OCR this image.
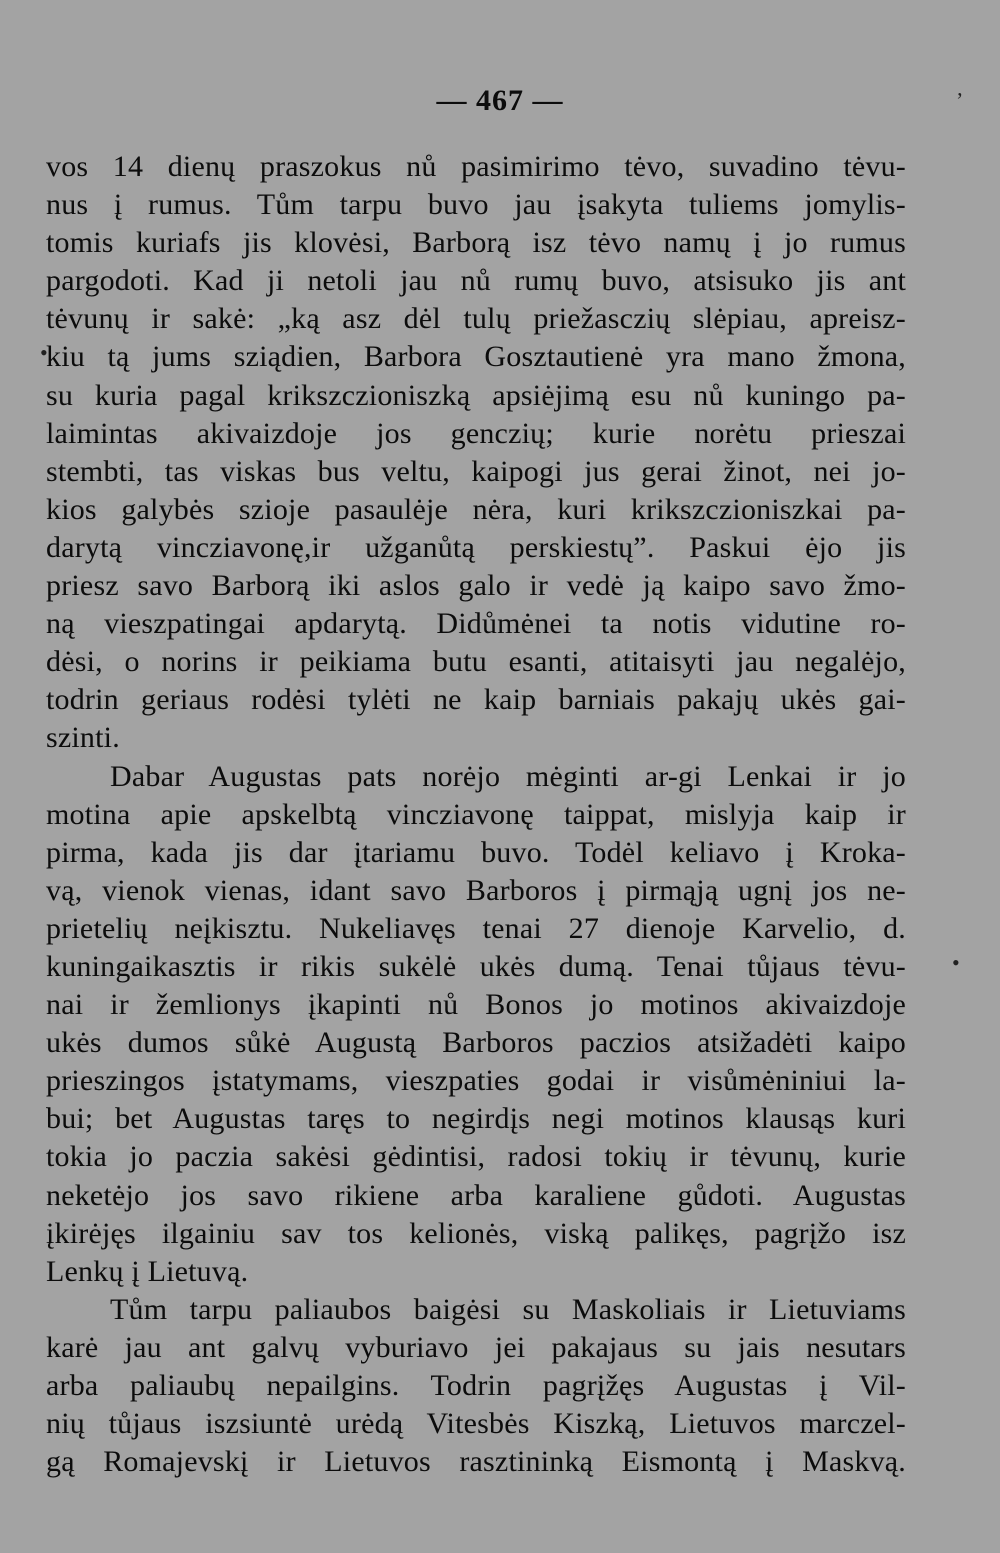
— 467 —	ʼ
•
•
vos 14 dienų praszokus nů pasimirimo tėvo, suvadino tėvu-
nus į rumus. Tům tarpu buvo jau įsakyta tuliems jomylis-
tomis kuriafs jis klovėsi, Barborą isz tėvo namų į jo rumus
pargodoti. Kad ji netoli jau nů rumų buvo, atsisuko jis ant
tėvunų ir sakė: „ką asz dėl tulų priežasczių slėpiau, apreisz-
kiu tą jums sziądien, Barbora Gosztautienė yra mano žmona,
su kuria pagal krikszczioniszką apsiėjimą esu nů kuningo pa-
laimintas akivaizdoje jos genczių; kurie norėtu prieszai
stembti, tas viskas bus veltu, kaipogi jus gerai žinot, nei jo-
kios galybės szioje pasaulėje nėra, kuri krikszczioniszkai pa-
darytą vincziavonę,ir užganůtą perskiestų”. Paskui ėjo jis
priesz savo Barborą iki aslos galo ir vedė ją kaipo savo žmo-
ną vieszpatingai apdarytą. Didůmėnei ta notis vidutine ro-
dėsi, o norins ir peikiama butu esanti, atitaisyti jau negalėjo,
todrin geriaus rodėsi tylėti ne kaip barniais pakajų ukės gai-
szinti.
Dabar Augustas pats norėjo mėginti ar-gi Lenkai ir jo
motina apie apskelbtą vincziavonę taippat, mislyja kaip ir
pirma, kada jis dar įtariamu buvo. Todėl keliavo į Kroka-
vą, vienok vienas, idant savo Barboros į pirmąją ugnį jos ne-
prietelių neįkisztu. Nukeliavęs tenai 27 dienoje Karvelio, d.
kuningaikasztis ir rikis sukėlė ukės dumą. Tenai tůjaus tėvu-
nai ir žemlionys įkapinti nů Bonos jo motinos akivaizdoje
ukės dumos sůkė Augustą Barboros paczios atsižadėti kaipo
prieszingos įstatymams, vieszpaties godai ir visůmėniniui la-
bui; bet Augustas taręs to negirdįs negi motinos klausąs kuri
tokia jo paczia sakėsi gėdintisi, radosi tokių ir tėvunų, kurie
neketėjo jos savo rikiene arba karaliene gůdoti. Augustas
įkirėjęs ilgainiu sav tos kelionės, viską palikęs, pagrįžo isz
Lenkų į Lietuvą.
Tům tarpu paliaubos baigėsi su Maskoliais ir Lietuviams
karė jau ant galvų vyburiavo jei pakajaus su jais nesutars
arba paliaubų nepailgins. Todrin pagrįžęs Augustas į Vil-
nių tůjaus iszsiuntė urėdą Vitesbės Kiszką, Lietuvos marczel-
gą Romajevskį ir Lietuvos rasztininką Eismontą į Maskvą.
